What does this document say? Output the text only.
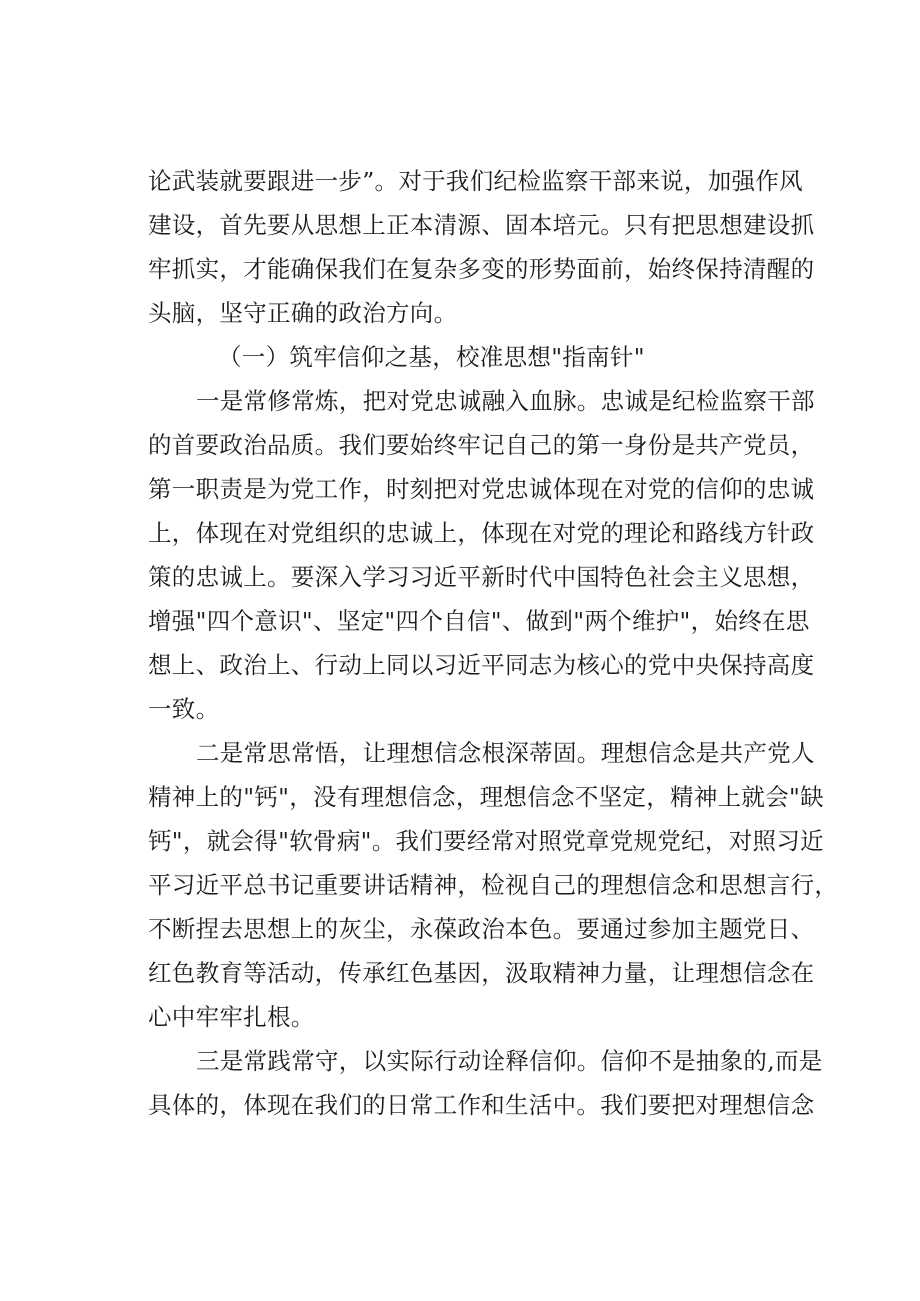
论武装就要跟进一步”。对于我们纪检监察干部来说，加强作风
建设，首先要从思想上正本清源、固本培元。只有把思想建设抓
牢抓实，才能确保我们在复杂多变的形势面前，始终保持清醒的
头脑，坚守正确的政治方向。
（一）筑牢信仰之基，校准思想"指南针"
一是常修常炼，把对党忠诚融入血脉。忠诚是纪检监察干部
的首要政治品质。我们要始终牢记自己的第一身份是共产党员，
第一职责是为党工作，时刻把对党忠诚体现在对党的信仰的忠诚
上，体现在对党组织的忠诚上，体现在对党的理论和路线方针政
策的忠诚上。要深入学习习近平新时代中国特色社会主义思想，
增强"四个意识"、坚定"四个自信"、做到"两个维护"，始终在思
想上、政治上、行动上同以习近平同志为核心的党中央保持高度
一致。
二是常思常悟，让理想信念根深蒂固。理想信念是共产党人
精神上的"钙"，没有理想信念，理想信念不坚定，精神上就会"缺
钙"，就会得"软骨病"。我们要经常对照党章党规党纪，对照习近
平习近平总书记重要讲话精神，检视自己的理想信念和思想言行，
不断捏去思想上的灰尘，永葆政治本色。要通过参加主题党日、
红色教育等活动，传承红色基因，汲取精神力量，让理想信念在
心中牢牢扎根。
三是常践常守，以实际行动诠释信仰。信仰不是抽象的,而是
具体的，体现在我们的日常工作和生活中。我们要把对理想信念
